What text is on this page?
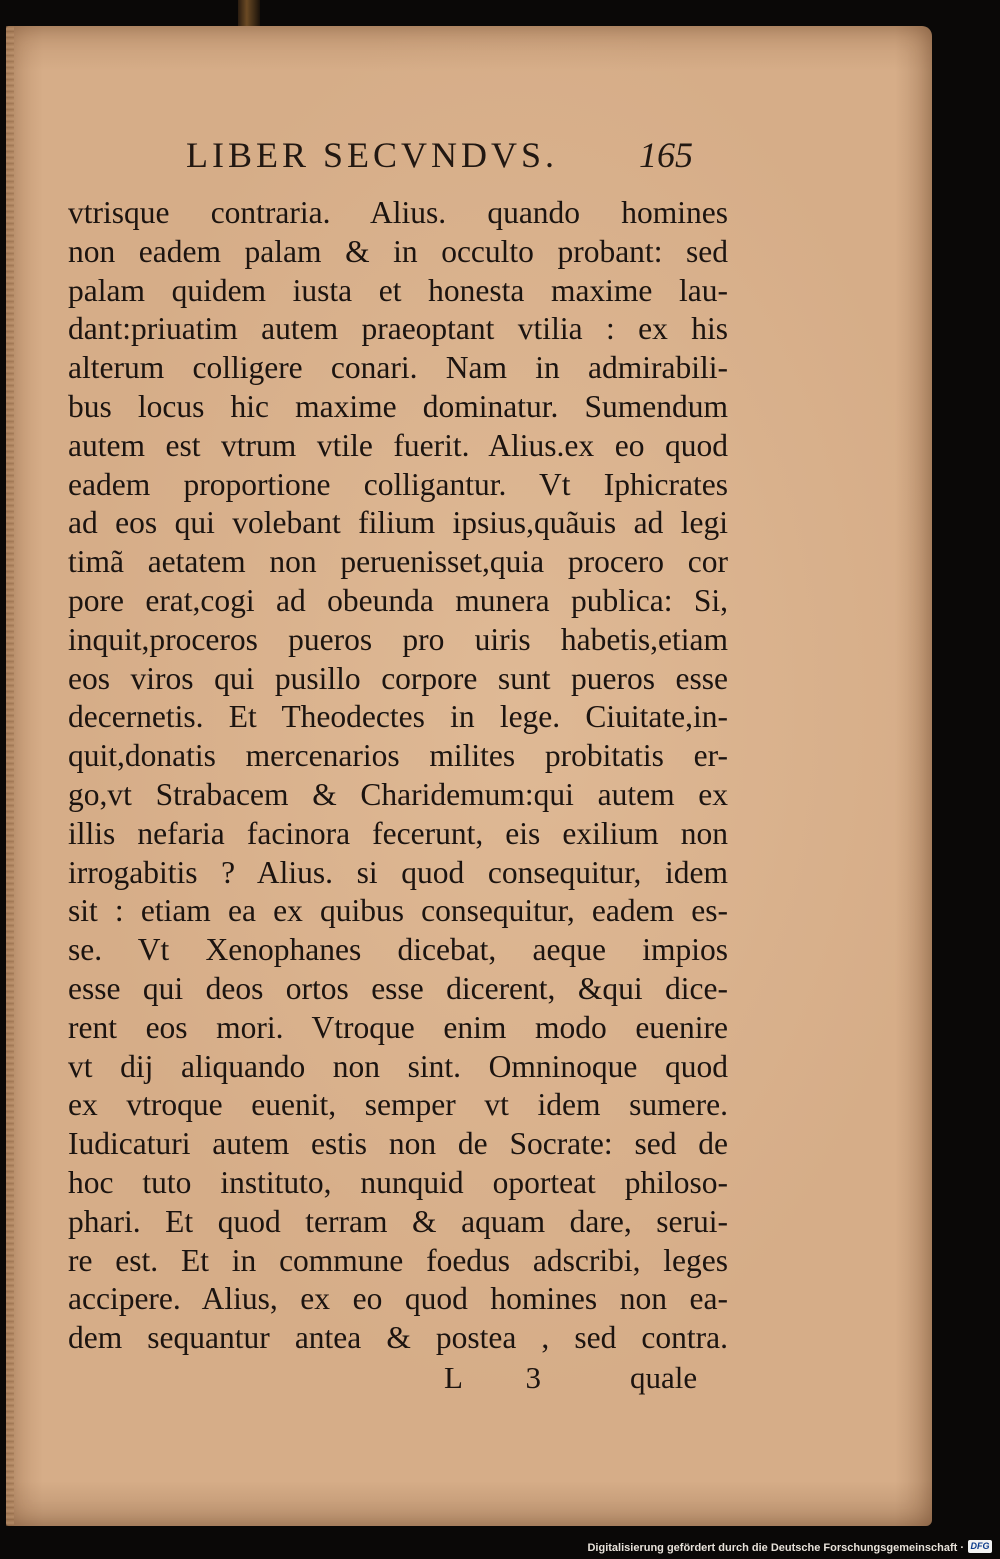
LIBER SECVNDVS. 165
vtrisque contraria. Alius. quando homines
non eadem palam & in occulto probant: sed
palam quidem iusta et honesta maxime lau-
dant:priuatim autem praeoptant vtilia : ex his
alterum colligere conari. Nam in admirabili-
bus locus hic maxime dominatur. Sumendum
autem est vtrum vtile fuerit. Alius.ex eo quod
eadem proportione colligantur. Vt Iphicrates
ad eos qui volebant filium ipsius,quãuis ad legi
timã aetatem non peruenisset,quia procero cor
pore erat,cogi ad obeunda munera publica: Si,
inquit,proceros pueros pro uiris habetis,etiam
eos viros qui pusillo corpore sunt pueros esse
decernetis. Et Theodectes in lege. Ciuitate,in-
quit,donatis mercenarios milites probitatis er-
go,vt Strabacem & Charidemum:qui autem ex
illis nefaria facinora fecerunt, eis exilium non
irrogabitis ? Alius. si quod consequitur, idem
sit : etiam ea ex quibus consequitur, eadem es-
se. Vt Xenophanes dicebat, aeque impios
esse qui deos ortos esse dicerent, &qui dice-
rent eos mori. Vtroque enim modo euenire
vt dij aliquando non sint. Omninoque quod
ex vtroque euenit, semper vt idem sumere.
Iudicaturi autem estis non de Socrate: sed de
hoc tuto instituto, nunquid oporteat philoso-
phari. Et quod terram & aquam dare, serui-
re est. Et in commune foedus adscribi, leges
accipere. Alius, ex eo quod homines non ea-
dem sequantur antea & postea , sed contra.
L 3 quale
Digitalisierung gefördert durch die Deutsche Forschungsgemeinschaft · DFG
